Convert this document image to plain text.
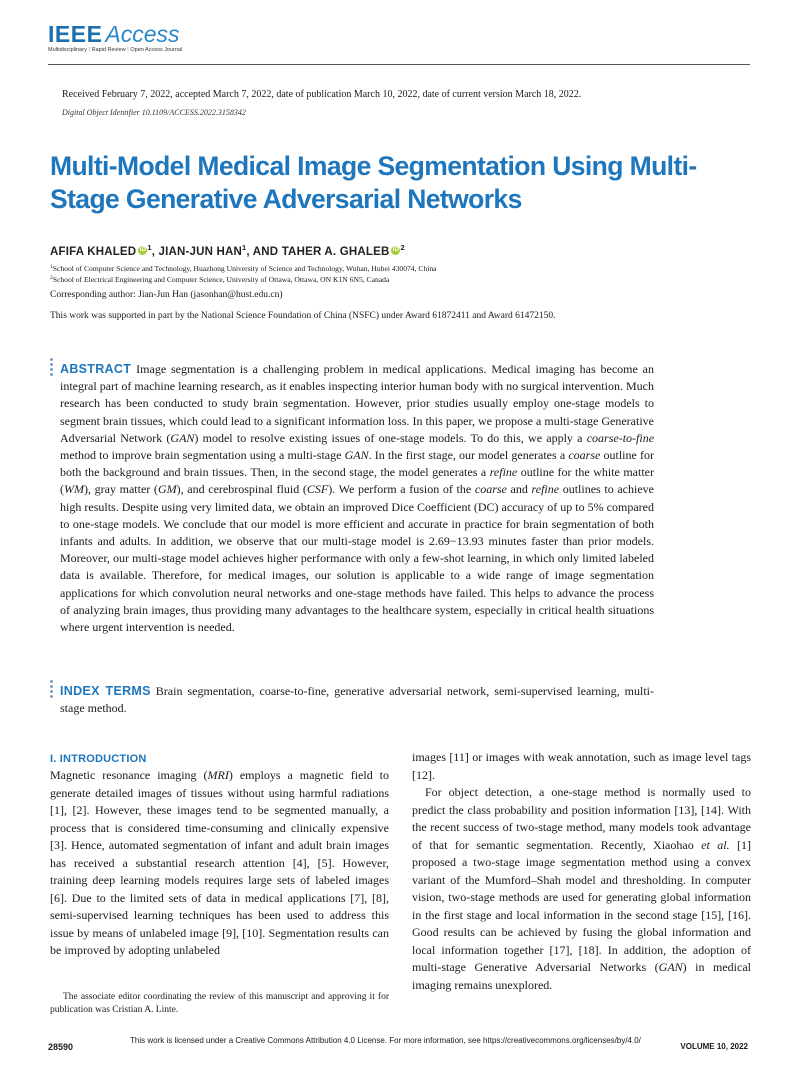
IEEE Access
Multidisciplinary ⁝ Rapid Review ⁝ Open Access Journal
Received February 7, 2022, accepted March 7, 2022, date of publication March 10, 2022, date of current version March 18, 2022.
Digital Object Identifier 10.1109/ACCESS.2022.3158342
Multi-Model Medical Image Segmentation Using Multi-Stage Generative Adversarial Networks
AFIFA KHALED $iD^1$, JIAN-JUN HAN$^1$, AND TAHER A. GHALEB $iD^2$
$^1$School of Computer Science and Technology, Huazhong University of Science and Technology, Wuhan, Hubei 430074, China
$^2$School of Electrical Engineering and Computer Science, University of Ottawa, Ottawa, ON K1N 6N5, Canada
Corresponding author: Jian-Jun Han (jasonhan@hust.edu.cn)
This work was supported in part by the National Science Foundation of China (NSFC) under Award 61872411 and Award 61472150.

ABSTRACT Image segmentation is a challenging problem in medical applications. Medical imaging has become an integral part of machine learning research, as it enables inspecting interior human body with no surgical intervention. Much research has been conducted to study brain segmentation. However, prior studies usually employ one-stage models to segment brain tissues, which could lead to a significant information loss. In this paper, we propose a multi-stage Generative Adversarial Network (GAN) model to resolve existing issues of one-stage models. To do this, we apply a coarse-to-fine method to improve brain segmentation using a multi-stage GAN. In the first stage, our model generates a coarse outline for both the background and brain tissues. Then, in the second stage, the model generates a refine outline for the white matter (WM), gray matter (GM), and cerebrospinal fluid (CSF). We perform a fusion of the coarse and refine outlines to achieve high results. Despite using very limited data, we obtain an improved Dice Coefficient (DC) accuracy of up to 5% compared to one-stage models. We conclude that our model is more efficient and accurate in practice for brain segmentation of both infants and adults. In addition, we observe that our multi-stage model is 2.69−13.93 minutes faster than prior models. Moreover, our multi-stage model achieves higher performance with only a few-shot learning, in which only limited labeled data is available. Therefore, for medical images, our solution is applicable to a wide range of image segmentation applications for which convolution neural networks and one-stage methods have failed. This helps to advance the process of analyzing brain images, thus providing many advantages to the healthcare system, especially in critical health situations where urgent intervention is needed.

INDEX TERMS Brain segmentation, coarse-to-fine, generative adversarial network, semi-supervised learning, multi-stage method.

I. INTRODUCTION

Magnetic resonance imaging (MRI) employs a magnetic field to generate detailed images of tissues without using harmful radiations [1], [2]. However, these images tend to be segmented manually, a process that is considered time-consuming and clinically expensive [3]. Hence, automated segmentation of infant and adult brain images has received a substantial research attention [4], [5]. However, training deep learning models requires large sets of labeled images [6]. Due to the limited sets of data in medical applications [7], [8], semi-supervised learning techniques has been used to address this issue by means of unlabeled image [9], [10]. Segmentation results can be improved by adopting unlabeled

images [11] or images with weak annotation, such as image level tags [12].

For object detection, a one-stage method is normally used to predict the class probability and position information [13], [14]. With the recent success of two-stage method, many models took advantage of that for semantic segmentation. Recently, Xiaohao et al. [1] proposed a two-stage image segmentation method using a convex variant of the Mumford–Shah model and thresholding. In computer vision, two-stage methods are used for generating global information in the first stage and local information in the second stage [15], [16]. Good results can be achieved by fusing the global information and local information together [17], [18]. In addition, the adoption of multi-stage Generative Adversarial Networks (GAN) in medical imaging remains unexplored.

The associate editor coordinating the review of this manuscript and approving it for publication was Cristian A. Linte.

28590
This work is licensed under a Creative Commons Attribution 4.0 License. For more information, see https://creativecommons.org/licenses/by/4.0/
VOLUME 10, 2022
